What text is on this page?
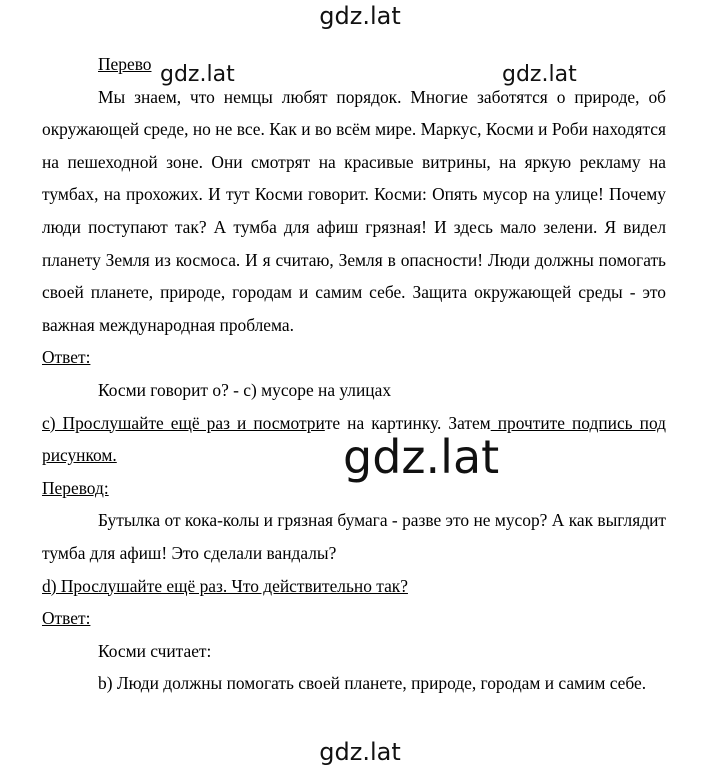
gdz.lat
gdz.lat	gdz.lat
gdz.lat
gdz.lat

Перево

Мы знаем, что немцы любят порядок. Многие заботятся о природе, об окружающей среде, но не все. Как и во всём мире. Маркус, Косми и Роби находятся на пешеходной зоне. Они смотрят на красивые витрины, на яркую рекламу на тумбах, на прохожих. И тут Косми говорит. Косми: Опять мусор на улице! Почему люди поступают так? А тумба для афиш грязная! И здесь мало зелени. Я видел планету Земля из космоса. И я считаю, Земля в опасности! Люди должны помогать своей планете, природе, городам и самим себе. Защита окружающей среды - это важная международная проблема.

Ответ:

Косми говорит о? - с) мусоре на улицах

c) Прослушайте ещё раз и посмотрите на картинку. Затем прочтите подпись под рисунком.

Перевод:

Бутылка от кока-колы и грязная бумага - разве это не мусор? А как выглядит тумба для афиш! Это сделали вандалы?

d) Прослушайте ещё раз. Что действительно так?

Ответ:

Косми считает:

b) Люди должны помогать своей планете, природе, городам и самим себе.
